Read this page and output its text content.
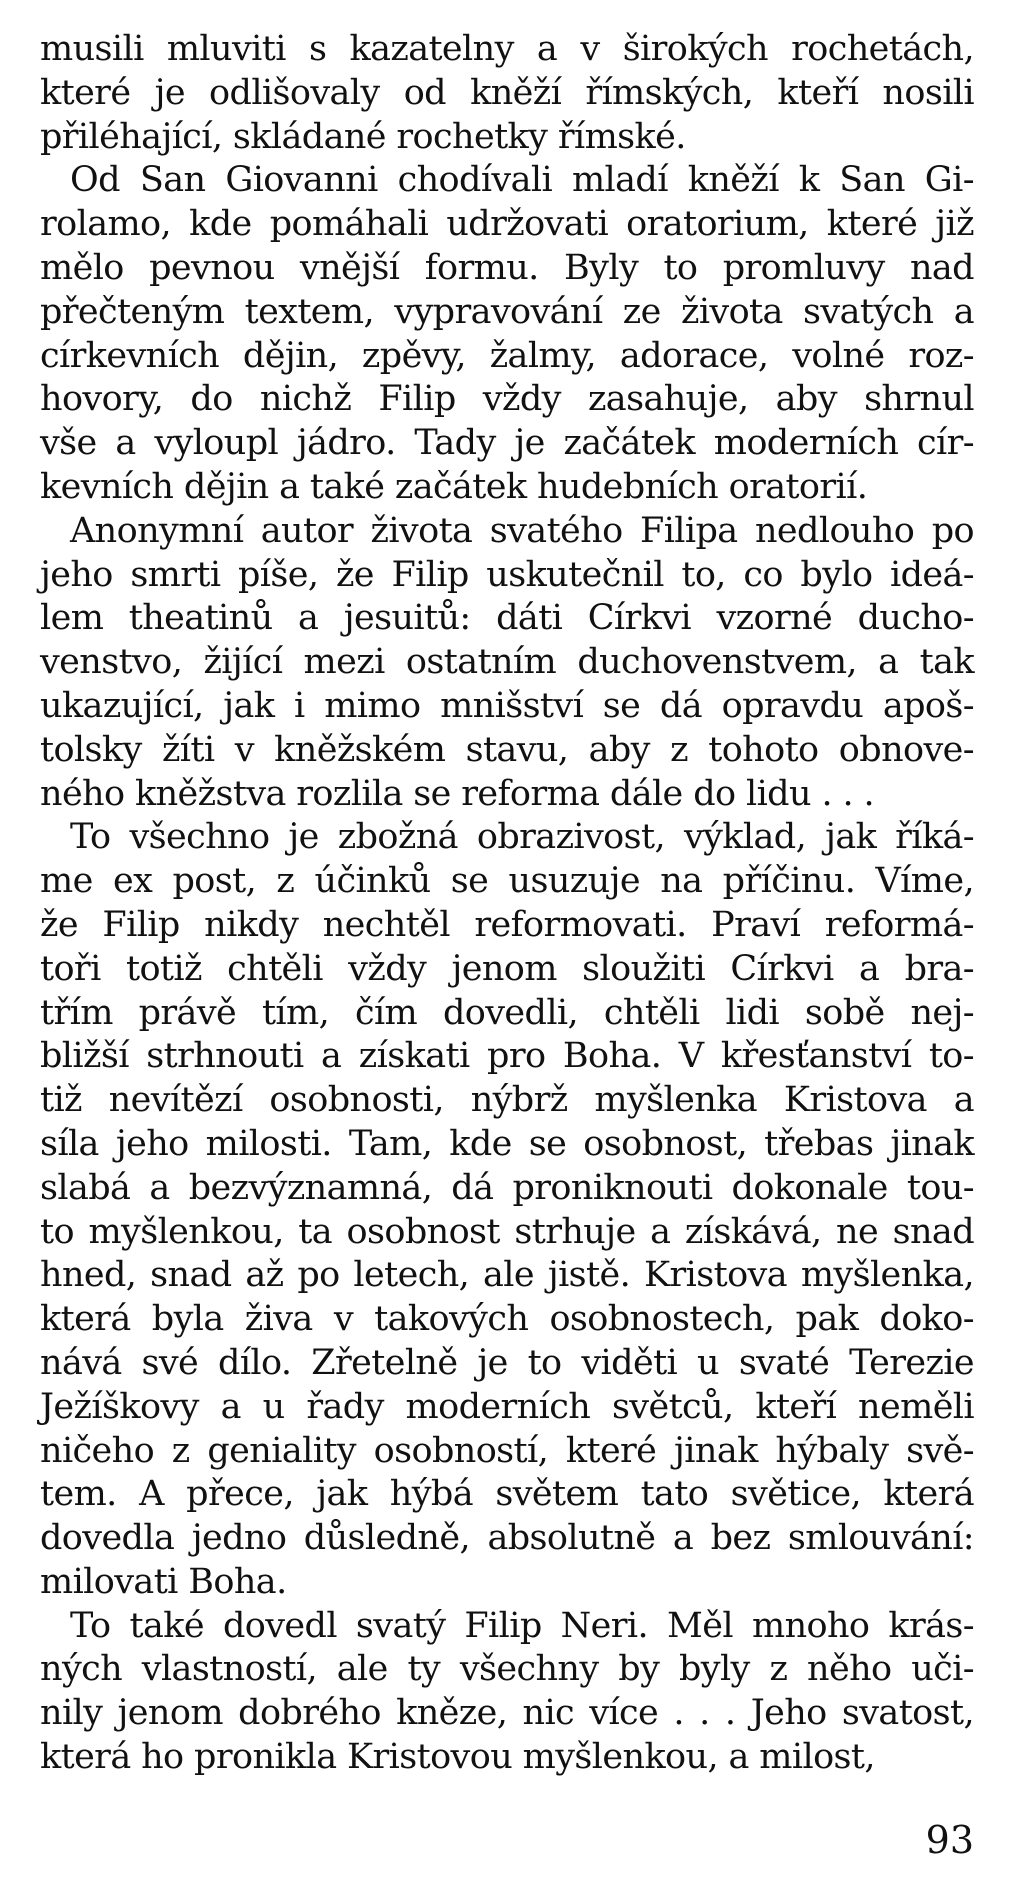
musili mluviti s kazatelny a v širokých rochetách,
které je odlišovaly od kněží římských, kteří nosili
přiléhající, skládané rochetky římské.
Od San Giovanni chodívali mladí kněží k San Gi-
rolamo, kde pomáhali udržovati oratorium, které již
mělo pevnou vnější formu. Byly to promluvy nad
přečteným textem, vypravování ze života svatých a
církevních dějin, zpěvy, žalmy, adorace, volné roz-
hovory, do nichž Filip vždy zasahuje, aby shrnul
vše a vyloupl jádro. Tady je začátek moderních cír-
kevních dějin a také začátek hudebních oratorií.
Anonymní autor života svatého Filipa nedlouho po
jeho smrti píše, že Filip uskutečnil to, co bylo ideá-
lem theatinů a jesuitů: dáti Církvi vzorné ducho-
venstvo, žijící mezi ostatním duchovenstvem, a tak
ukazující, jak i mimo mnišství se dá opravdu apoš-
tolsky žíti v kněžském stavu, aby z tohoto obnove-
ného kněžstva rozlila se reforma dále do lidu . . .
To všechno je zbožná obrazivost, výklad, jak říká-
me ex post, z účinků se usuzuje na příčinu. Víme,
že Filip nikdy nechtěl reformovati. Praví reformá-
toři totiž chtěli vždy jenom sloužiti Církvi a bra-
třím právě tím, čím dovedli, chtěli lidi sobě nej-
bližší strhnouti a získati pro Boha. V křesťanství to-
tiž nevítězí osobnosti, nýbrž myšlenka Kristova a
síla jeho milosti. Tam, kde se osobnost, třebas jinak
slabá a bezvýznamná, dá proniknouti dokonale tou-
to myšlenkou, ta osobnost strhuje a získává, ne snad
hned, snad až po letech, ale jistě. Kristova myšlenka,
která byla živa v takových osobnostech, pak doko-
nává své dílo. Zřetelně je to viděti u svaté Terezie
Ježíškovy a u řady moderních světců, kteří neměli
ničeho z geniality osobností, které jinak hýbaly svě-
tem. A přece, jak hýbá světem tato světice, která
dovedla jedno důsledně, absolutně a bez smlouvání:
milovati Boha.
To také dovedl svatý Filip Neri. Měl mnoho krás-
ných vlastností, ale ty všechny by byly z něho uči-
nily jenom dobrého kněze, nic více . . . Jeho svatost,
která ho pronikla Kristovou myšlenkou, a milost,
93
